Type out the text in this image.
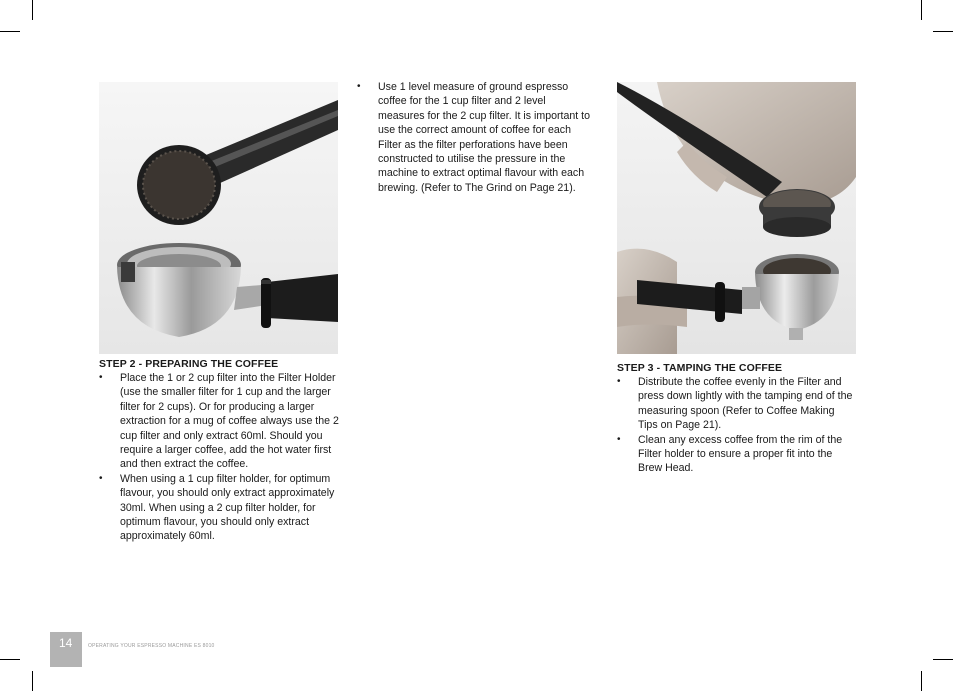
STEP 2 - PREPARING THE COFFEE
• Place the 1 or 2 cup filter into the Filter Holder (use the smaller filter for 1 cup and the larger filter for 2 cups). Or for producing a larger extraction for a mug of coffee always use the 2 cup filter and only extract 60ml. Should you require a larger coffee, add the hot water first and then extract the coffee.
• When using a 1 cup filter holder, for optimum flavour, you should only extract approximately 30ml. When using a 2 cup filter holder, for optimum flavour, you should only extract approximately 60ml.
• Use 1 level measure of ground espresso coffee for the 1 cup filter and 2 level measures for the 2 cup filter. It is important to use the correct amount of coffee for each Filter as the filter perforations have been constructed to utilise the pressure in the machine to extract optimal flavour with each brewing. (Refer to The Grind on Page 21).
STEP 3 - TAMPING THE COFFEE
• Distribute the coffee evenly in the Filter and press down lightly with the tamping end of the measuring spoon (Refer to Coffee Making Tips on Page 21).
• Clean any excess coffee from the rim of the Filter holder to ensure a proper fit into the Brew Head.
14	OPERATING YOUR ESPRESSO MACHINE ES 8010
